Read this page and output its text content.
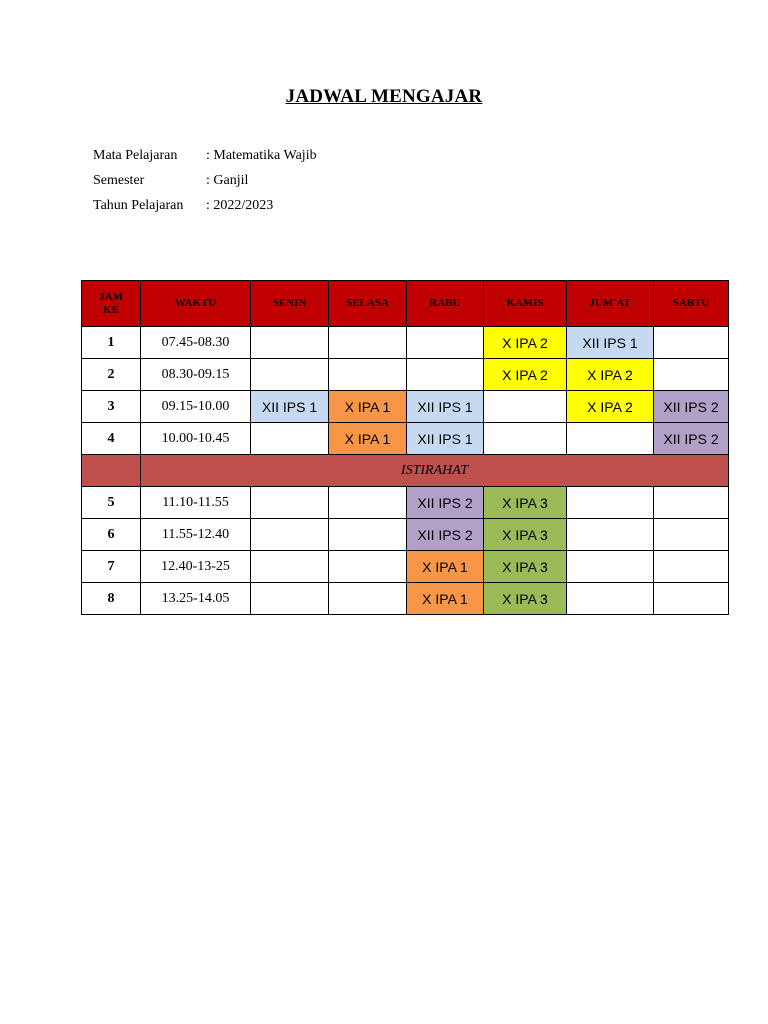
JADWAL MENGAJAR
Mata Pelajaran	: Matematika Wajib
Semester	: Ganjil
Tahun Pelajaran	: 2022/2023
JAM KE	WAKTU	SENIN	SELASA	RABU	KAMIS	JUM'AT	SABTU
1	07.45-08.30				X IPA 2	XII IPS 1	
2	08.30-09.15				X IPA 2	X IPA 2	
3	09.15-10.00	XII IPS 1	X IPA 1	XII IPS 1		X IPA 2	XII IPS 2
4	10.00-10.45		X IPA 1	XII IPS 1			XII IPS 2
	ISTIRAHAT						
5	11.10-11.55			XII IPS 2	X IPA 3		
6	11.55-12.40			XII IPS 2	X IPA 3		
7	12.40-13-25			X IPA 1	X IPA 3		
8	13.25-14.05			X IPA 1	X IPA 3		
